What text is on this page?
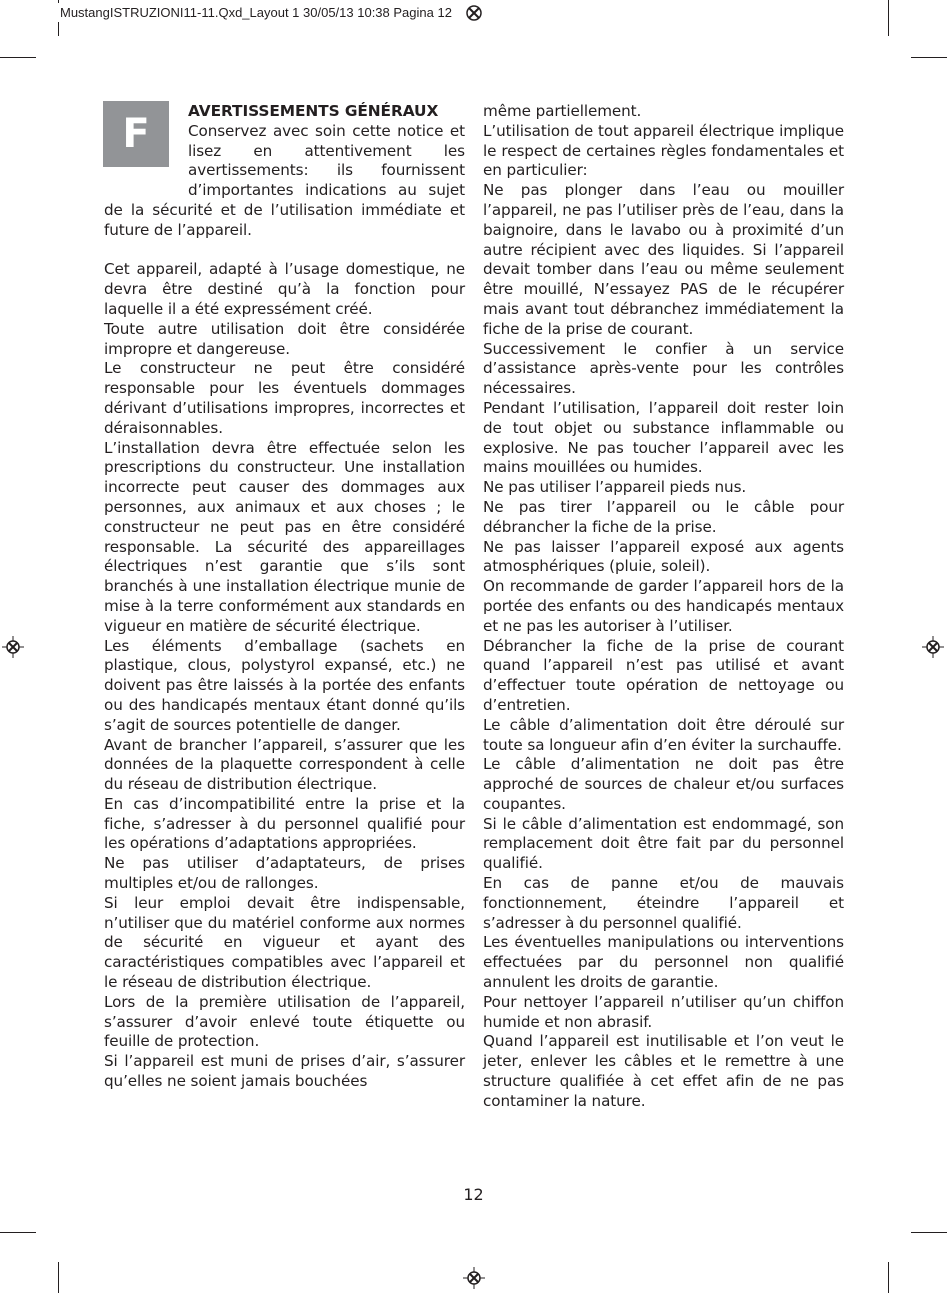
MustangISTRUZIONI11-11.Qxd_Layout 1 30/05/13 10:38 Pagina 12
F	AVERTISSEMENTS GÉNÉRAUX

Conservez avec soin cette notice et lisez en attentivement les avertissements: ils fournissent d’importantes indications au sujet de la sécurité et de l’utilisation immédiate et future de l’appareil.

Cet appareil, adapté à l’usage domestique, ne devra être destiné qu’à la fonction pour laquelle il a été expressément créé.

Toute autre utilisation doit être considérée impropre et dangereuse.

Le constructeur ne peut être considéré responsable pour les éventuels dommages dérivant d’utilisations impropres, incorrectes et déraisonnables.

L’installation devra être effectuée selon les prescriptions du constructeur. Une installation incorrecte peut causer des dommages aux personnes, aux animaux et aux choses ; le constructeur ne peut pas en être considéré responsable. La sécurité des appareillages électriques n’est garantie que s’ils sont branchés à une installation électrique munie de mise à la terre conformément aux standards en vigueur en matière de sécurité électrique.

Les éléments d’emballage (sachets en plastique, clous, polystyrol expansé, etc.) ne doivent pas être laissés à la portée des enfants ou des handicapés mentaux étant donné qu’ils s’agit de sources potentielle de danger.

Avant de brancher l’appareil, s’assurer que les données de la plaquette correspondent à celle du réseau de distribution électrique.

En cas d’incompatibilité entre la prise et la fiche, s’adresser à du personnel qualifié pour les opérations d’adaptations appropriées.

Ne pas utiliser d’adaptateurs, de prises multiples et/ou de rallonges.

Si leur emploi devait être indispensable, n’utiliser que du matériel conforme aux normes de sécurité en vigueur et ayant des caractéristiques compatibles avec l’appareil et le réseau de distribution électrique.

Lors de la première utilisation de l’appareil, s’assurer d’avoir enlevé toute étiquette ou feuille de protection.

Si l’appareil est muni de prises d’air, s’assurer qu’elles ne soient jamais bouchées

même partiellement.

L’utilisation de tout appareil électrique implique le respect de certaines règles fondamentales et en particulier:

Ne pas plonger dans l’eau ou mouiller l’appareil, ne pas l’utiliser près de l’eau, dans la baignoire, dans le lavabo ou à proximité d’un autre récipient avec des liquides. Si l’appareil devait tomber dans l’eau ou même seulement être mouillé, N’essayez PAS de le récupérer mais avant tout débranchez immédiatement la fiche de la prise de courant.

Successivement le confier à un service d’assistance après-vente pour les contrôles nécessaires.

Pendant l’utilisation, l’appareil doit rester loin de tout objet ou substance inflammable ou explosive. Ne pas toucher l’appareil avec les mains mouillées ou humides.

Ne pas utiliser l’appareil pieds nus.

Ne pas tirer l’appareil ou le câble pour débrancher la fiche de la prise.

Ne pas laisser l’appareil exposé aux agents atmosphériques (pluie, soleil).

On recommande de garder l’appareil hors de la portée des enfants ou des handicapés mentaux et ne pas les autoriser à l’utiliser.

Débrancher la fiche de la prise de courant quand l’appareil n’est pas utilisé et avant d’effectuer toute opération de nettoyage ou d’entretien.

Le câble d’alimentation doit être déroulé sur toute sa longueur afin d’en éviter la surchauffe.

Le câble d’alimentation ne doit pas être approché de sources de chaleur et/ou surfaces coupantes.

Si le câble d’alimentation est endommagé, son remplacement doit être fait par du personnel qualifié.

En cas de panne et/ou de mauvais fonctionnement, éteindre l’appareil et s’adresser à du personnel qualifié.

Les éventuelles manipulations ou interventions effectuées par du personnel non qualifié annulent les droits de garantie.

Pour nettoyer l’appareil n’utiliser qu’un chiffon humide et non abrasif.

Quand l’appareil est inutilisable et l’on veut le jeter, enlever les câbles et le remettre à une structure qualifiée à cet effet afin de ne pas contaminer la nature.

12
